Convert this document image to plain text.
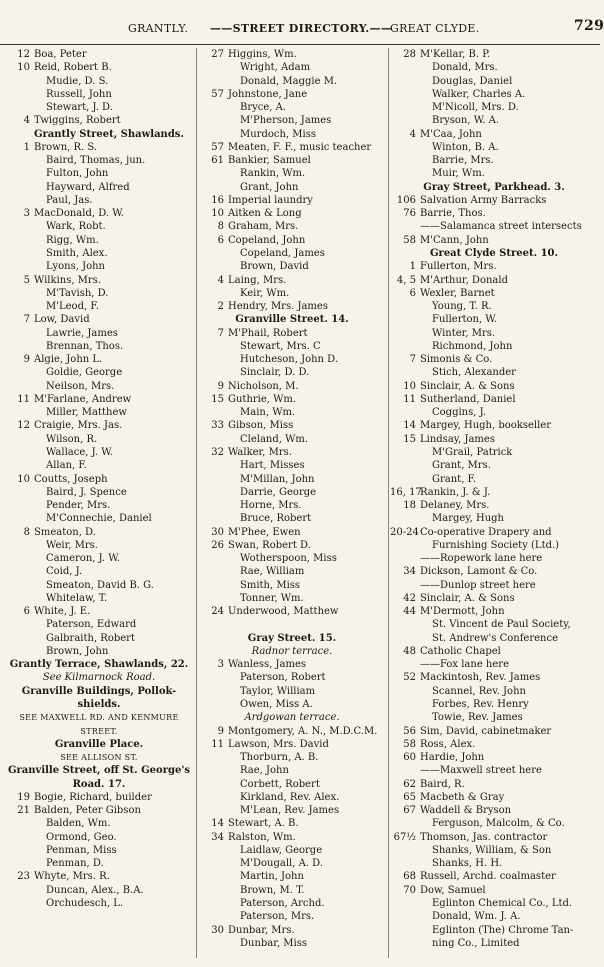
GRANTLY. ——STREET DIRECTORY.——
GREAT CLYDE.	729
12 Boa, Peter
10 Reid, Robert B.
Mudie, D. S.
Russell, John
Stewart, J. D.
4 Twiggins, Robert
Grantly Street, Shawlands.
1 Brown, R. S.
Baird, Thomas, jun.
Fulton, John
Hayward, Alfred
Paul, Jas.
3 MacDonald, D. W.
Wark, Robt.
Rigg, Wm.
Smith, Alex.
Lyons, John
5 Wilkins, Mrs.
M'Tavish, D.
M'Leod, F.
7 Low, David
Lawrie, James
Brennan, Thos.
9 Algie, John L.
Goldie, George
Neilson, Mrs.
11 M'Farlane, Andrew
Miller, Matthew
12 Craigie, Mrs. Jas.
Wilson, R.
Wallace, J. W.
Allan, F.
10 Coutts, Joseph
Baird, J. Spence
Pender, Mrs.
M'Connechie, Daniel
8 Smeaton, D.
Weir, Mrs.
Cameron, J. W.
Coid, J.
Smeaton, David B. G.
Whitelaw, T.
6 White, J. E.
Paterson, Edward
Galbraith, Robert
Brown, John
Grantly Terrace, Shawlands, 22.
See Kilmarnock Road.
Granville Buildings, Pollok-
shields.
SEE MAXWELL RD. AND KENMURE
STREET.
Granville Place.
SEE ALLISON ST.
Granville Street, off St. George's
Road. 17.
19 Bogie, Richard, builder
21 Balden, Peter Gibson
Balden, Wm.
Ormond, Geo.
Penman, Miss
Penman, D.
23 Whyte, Mrs. R.
Duncan, Alex., B.A.
Orchudesch, L.
27 Higgins, Wm.
Wright, Adam
Donald, Maggie M.
57 Johnstone, Jane
Bryce, A.
M'Pherson, James
Murdoch, Miss
57 Meaten, F. F., music teacher
61 Bankier, Samuel
Rankin, Wm.
Grant, John
16 Imperial laundry
10 Aitken & Long
8 Graham, Mrs.
6 Copeland, John
Copeland, James
Brown, David
4 Laing, Mrs.
Keir, Wm.
2 Hendry, Mrs. James
Granville Street. 14.
7 M'Phail, Robert
Stewart, Mrs. C
Hutcheson, John D.
Sinclair, D. D.
9 Nicholson, M.
15 Guthrie, Wm.
Main, Wm.
33 Gibson, Miss
Cleland, Wm.
32 Walker, Mrs.
Hart, Misses
M'Millan, John
Darrie, George
Horne, Mrs.
Bruce, Robert
30 M'Phee, Ewen
26 Swan, Robert D.
Wotherspoon, Miss
Rae, William
Smith, Miss
Tonner, Wm.
24 Underwood, Matthew
Gray Street. 15.
Radnor terrace.
3 Wanless, James
Paterson, Robert
Taylor, William
Owen, Miss A.
Ardgowan terrace.
9 Montgomery, A. N., M.D.C.M.
11 Lawson, Mrs. David
Thorburn, A. B.
Rae, John
Corbett, Robert
Kirkland, Rev. Alex.
M'Lean, Rev. James
14 Stewart, A. B.
34 Ralston, Wm.
Laidlaw, George
M'Dougall, A. D.
Martin, John
Brown, M. T.
Paterson, Archd.
Paterson, Mrs.
30 Dunbar, Mrs.
Dunbar, Miss
28 M'Kellar, B. P.
Donald, Mrs.
Douglas, Daniel
Walker, Charles A.
M'Nicoll, Mrs. D.
Bryson, W. A.
4 M'Caa, John
Winton, B. A.
Barrie, Mrs.
Muir, Wm.
Gray Street, Parkhead. 3.
106 Salvation Army Barracks
76 Barrie, Thos.
——Salamanca street intersects
58 M'Cann, John
Great Clyde Street. 10.
1 Fullerton, Mrs.
4, 5 M'Arthur, Donald
6 Wexler, Barnet
Young, T. R.
Fullerton, W.
Winter, Mrs.
Richmond, John
7 Simonis & Co.
Stich, Alexander
10 Sinclair, A. & Sons
11 Sutherland, Daniel
Coggins, J.
14 Margey, Hugh, bookseller
15 Lindsay, James
M'Grail, Patrick
Grant, Mrs.
Grant, F.
16, 17
Rankin, J. & J.
18 Delaney, Mrs.
Margey, Hugh
20-24 Co-operative Drapery and
Furnishing Society (Ltd.)
——Ropework lane here
34 Dickson, Lamont & Co.
——Dunlop street here
42 Sinclair, A. & Sons
44 M'Dermott, John
St. Vincent de Paul Society,
St. Andrew's Conference
48 Catholic Chapel
——Fox lane here
52 Mackintosh, Rev. James
Scannel, Rev. John
Forbes, Rev. Henry
Towie, Rev. James
56 Sim, David, cabinetmaker
58 Ross, Alex.
60 Hardie, John
——Maxwell street here
62 Baird, R.
65 Macbeth & Gray
67 Waddell & Bryson
Ferguson, Malcolm, & Co.
67½ Thomson, Jas. contractor
Shanks, William, & Son
Shanks, H. H.
68 Russell, Archd. coalmaster
70 Dow, Samuel
Eglinton Chemical Co., Ltd.
Donald, Wm. J. A.
Eglinton (The) Chrome Tan-
ning Co., Limited
